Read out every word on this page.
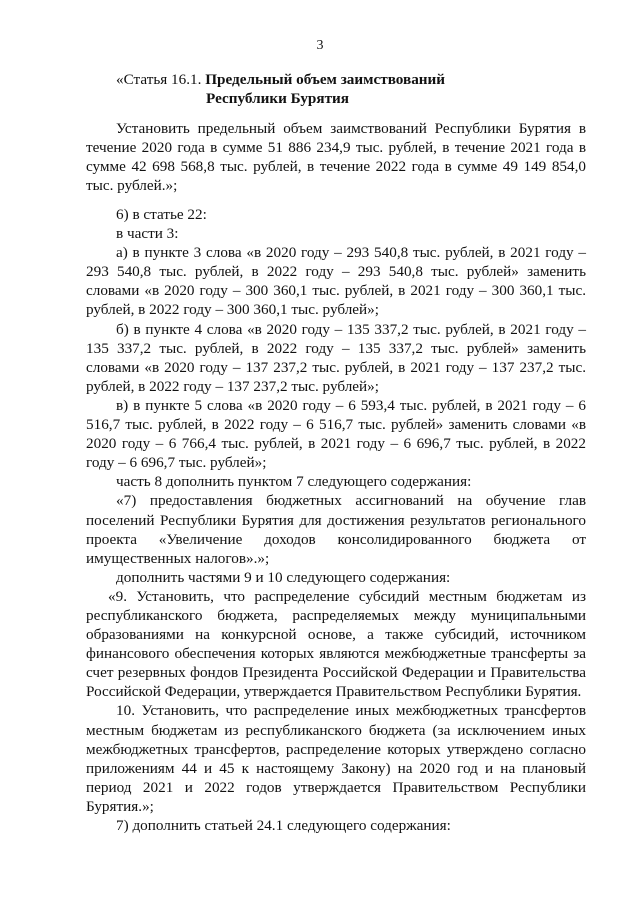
3
«Статья 16.1. Предельный объем заимствований
Республики Бурятия

Установить предельный объем заимствований Республики Бурятия в течение 2020 года в сумме 51 886 234,9 тыс. рублей, в течение 2021 года в сумме 42 698 568,8 тыс. рублей, в течение 2022 года в сумме 49 149 854,0 тыс. рублей.»;

6) в статье 22:

в части 3:

а) в пункте 3 слова «в 2020 году – 293 540,8 тыс. рублей, в 2021 году – 293 540,8 тыс. рублей, в 2022 году – 293 540,8 тыс. рублей» заменить словами «в 2020 году – 300 360,1 тыс. рублей, в 2021 году – 300 360,1 тыс. рублей, в 2022 году – 300 360,1 тыс. рублей»;

б) в пункте 4 слова «в 2020 году – 135 337,2 тыс. рублей, в 2021 году – 135 337,2 тыс. рублей, в 2022 году – 135 337,2 тыс. рублей» заменить словами «в 2020 году – 137 237,2 тыс. рублей, в 2021 году – 137 237,2 тыс. рублей, в 2022 году – 137 237,2 тыс. рублей»;

в) в пункте 5 слова «в 2020 году – 6 593,4 тыс. рублей, в 2021 году – 6 516,7 тыс. рублей, в 2022 году – 6 516,7 тыс. рублей» заменить словами «в 2020 году – 6 766,4 тыс. рублей, в 2021 году – 6 696,7 тыс. рублей, в 2022 году – 6 696,7 тыс. рублей»;

часть 8 дополнить пунктом 7 следующего содержания:

«7) предоставления бюджетных ассигнований на обучение глав поселений Республики Бурятия для достижения результатов регионального проекта «Увеличение доходов консолидированного бюджета от имущественных налогов».»;

дополнить частями 9 и 10 следующего содержания:

«9. Установить, что распределение субсидий местным бюджетам из республиканского бюджета, распределяемых между муниципальными образованиями на конкурсной основе, а также субсидий, источником финансового обеспечения которых являются межбюджетные трансферты за счет резервных фондов Президента Российской Федерации и Правительства Российской Федерации, утверждается Правительством Республики Бурятия.

10. Установить, что распределение иных межбюджетных трансфертов местным бюджетам из республиканского бюджета (за исключением иных межбюджетных трансфертов, распределение которых утверждено согласно приложениям 44 и 45 к настоящему Закону) на 2020 год и на плановый период 2021 и 2022 годов утверждается Правительством Республики Бурятия.»;

7) дополнить статьей 24.1 следующего содержания:
